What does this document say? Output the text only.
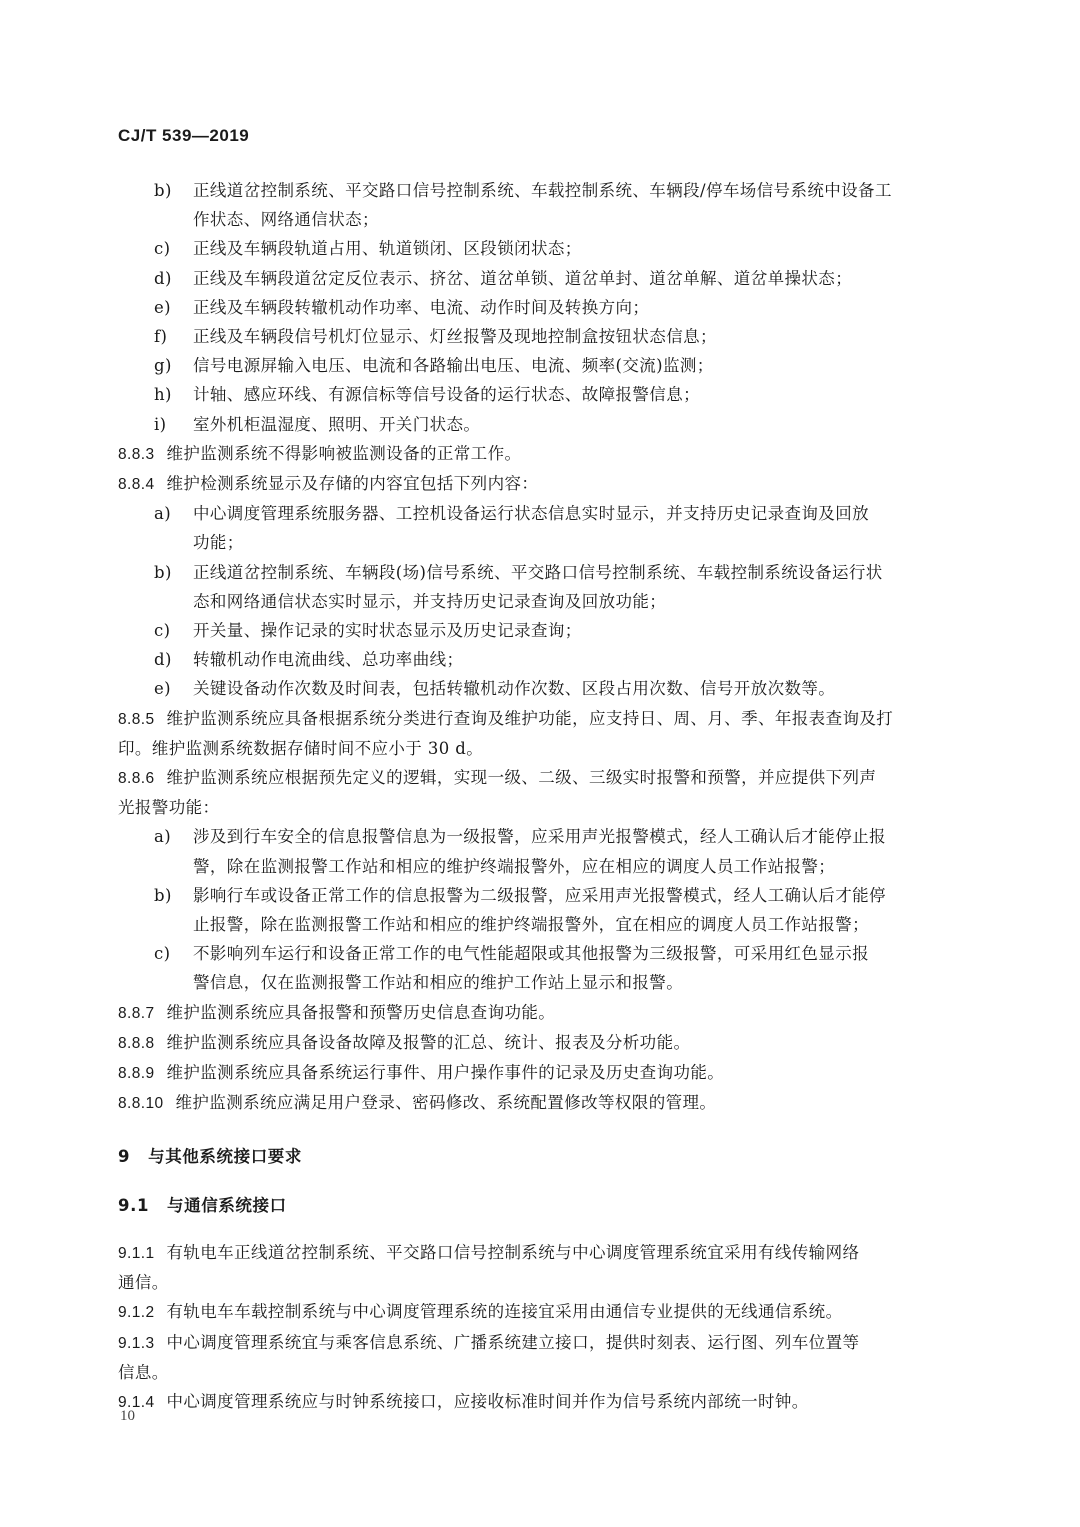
CJ/T 539—2019
b) 正线道岔控制系统、平交路口信号控制系统、车载控制系统、车辆段/停车场信号系统中设备工
作状态、网络通信状态；
c) 正线及车辆段轨道占用、轨道锁闭、区段锁闭状态；
d) 正线及车辆段道岔定反位表示、挤岔、道岔单锁、道岔单封、道岔单解、道岔单操状态；
e) 正线及车辆段转辙机动作功率、电流、动作时间及转换方向；
f) 正线及车辆段信号机灯位显示、灯丝报警及现地控制盒按钮状态信息；
g) 信号电源屏输入电压、电流和各路输出电压、电流、频率(交流)监测；
h) 计轴、感应环线、有源信标等信号设备的运行状态、故障报警信息；
i) 室外机柜温湿度、照明、开关门状态。
8.8.3 维护监测系统不得影响被监测设备的正常工作。
8.8.4 维护检测系统显示及存储的内容宜包括下列内容：
a) 中心调度管理系统服务器、工控机设备运行状态信息实时显示，并支持历史记录查询及回放
功能；
b) 正线道岔控制系统、车辆段(场)信号系统、平交路口信号控制系统、车载控制系统设备运行状
态和网络通信状态实时显示，并支持历史记录查询及回放功能；
c) 开关量、操作记录的实时状态显示及历史记录查询；
d) 转辙机动作电流曲线、总功率曲线；
e) 关键设备动作次数及时间表，包括转辙机动作次数、区段占用次数、信号开放次数等。
8.8.5 维护监测系统应具备根据系统分类进行查询及维护功能，应支持日、周、月、季、年报表查询及打
印。维护监测系统数据存储时间不应小于 30 d。
8.8.6 维护监测系统应根据预先定义的逻辑，实现一级、二级、三级实时报警和预警，并应提供下列声
光报警功能：
a) 涉及到行车安全的信息报警信息为一级报警，应采用声光报警模式，经人工确认后才能停止报
警，除在监测报警工作站和相应的维护终端报警外，应在相应的调度人员工作站报警；
b) 影响行车或设备正常工作的信息报警为二级报警，应采用声光报警模式，经人工确认后才能停
止报警，除在监测报警工作站和相应的维护终端报警外，宜在相应的调度人员工作站报警；
c) 不影响列车运行和设备正常工作的电气性能超限或其他报警为三级报警，可采用红色显示报
警信息，仅在监测报警工作站和相应的维护工作站上显示和报警。
8.8.7 维护监测系统应具备报警和预警历史信息查询功能。
8.8.8 维护监测系统应具备设备故障及报警的汇总、统计、报表及分析功能。
8.8.9 维护监测系统应具备系统运行事件、用户操作事件的记录及历史查询功能。
8.8.10 维护监测系统应满足用户登录、密码修改、系统配置修改等权限的管理。
9 与其他系统接口要求
9.1 与通信系统接口
9.1.1 有轨电车正线道岔控制系统、平交路口信号控制系统与中心调度管理系统宜采用有线传输网络
通信。
9.1.2 有轨电车车载控制系统与中心调度管理系统的连接宜采用由通信专业提供的无线通信系统。
9.1.3 中心调度管理系统宜与乘客信息系统、广播系统建立接口，提供时刻表、运行图、列车位置等
信息。
9.1.4 中心调度管理系统应与时钟系统接口，应接收标准时间并作为信号系统内部统一时钟。
10
